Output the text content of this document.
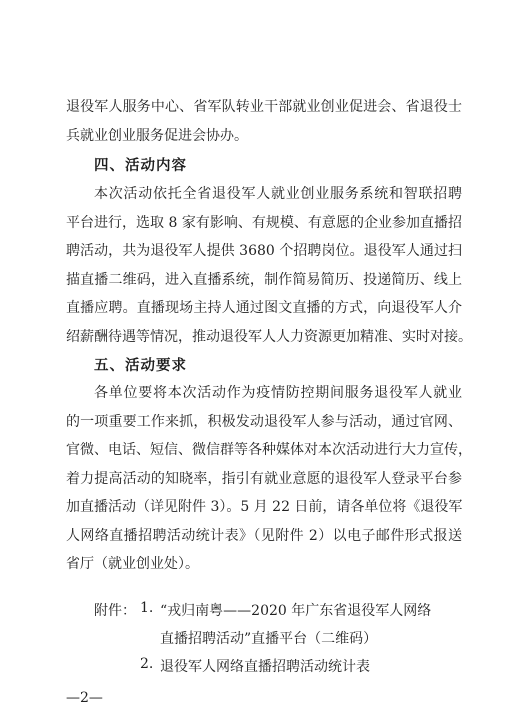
退役军人服务中心、省军队转业干部就业创业促进会、省退役士
兵就业创业服务促进会协办。
四、活动内容
本次活动依托全省退役军人就业创业服务系统和智联招聘
平台进行，选取 8 家有影响、有规模、有意愿的企业参加直播招
聘活动，共为退役军人提供 3680 个招聘岗位。退役军人通过扫
描直播二维码，进入直播系统，制作简易简历、投递简历、线上
直播应聘。直播现场主持人通过图文直播的方式，向退役军人介
绍薪酬待遇等情况，推动退役军人人力资源更加精准、实时对接。
五、活动要求
各单位要将本次活动作为疫情防控期间服务退役军人就业
的一项重要工作来抓，积极发动退役军人参与活动，通过官网、
官微、电话、短信、微信群等各种媒体对本次活动进行大力宣传，
着力提高活动的知晓率，指引有就业意愿的退役军人登录平台参
加直播活动（详见附件 3）。5 月 22 日前，请各单位将《退役军
人网络直播招聘活动统计表》（见附件 2）以电子邮件形式报送
省厅（就业创业处）。
附件： 1. “戎归南粤——2020 年广东省退役军人网络
直播招聘活动”直播平台（二维码）
2. 退役军人网络直播招聘活动统计表
—2—
